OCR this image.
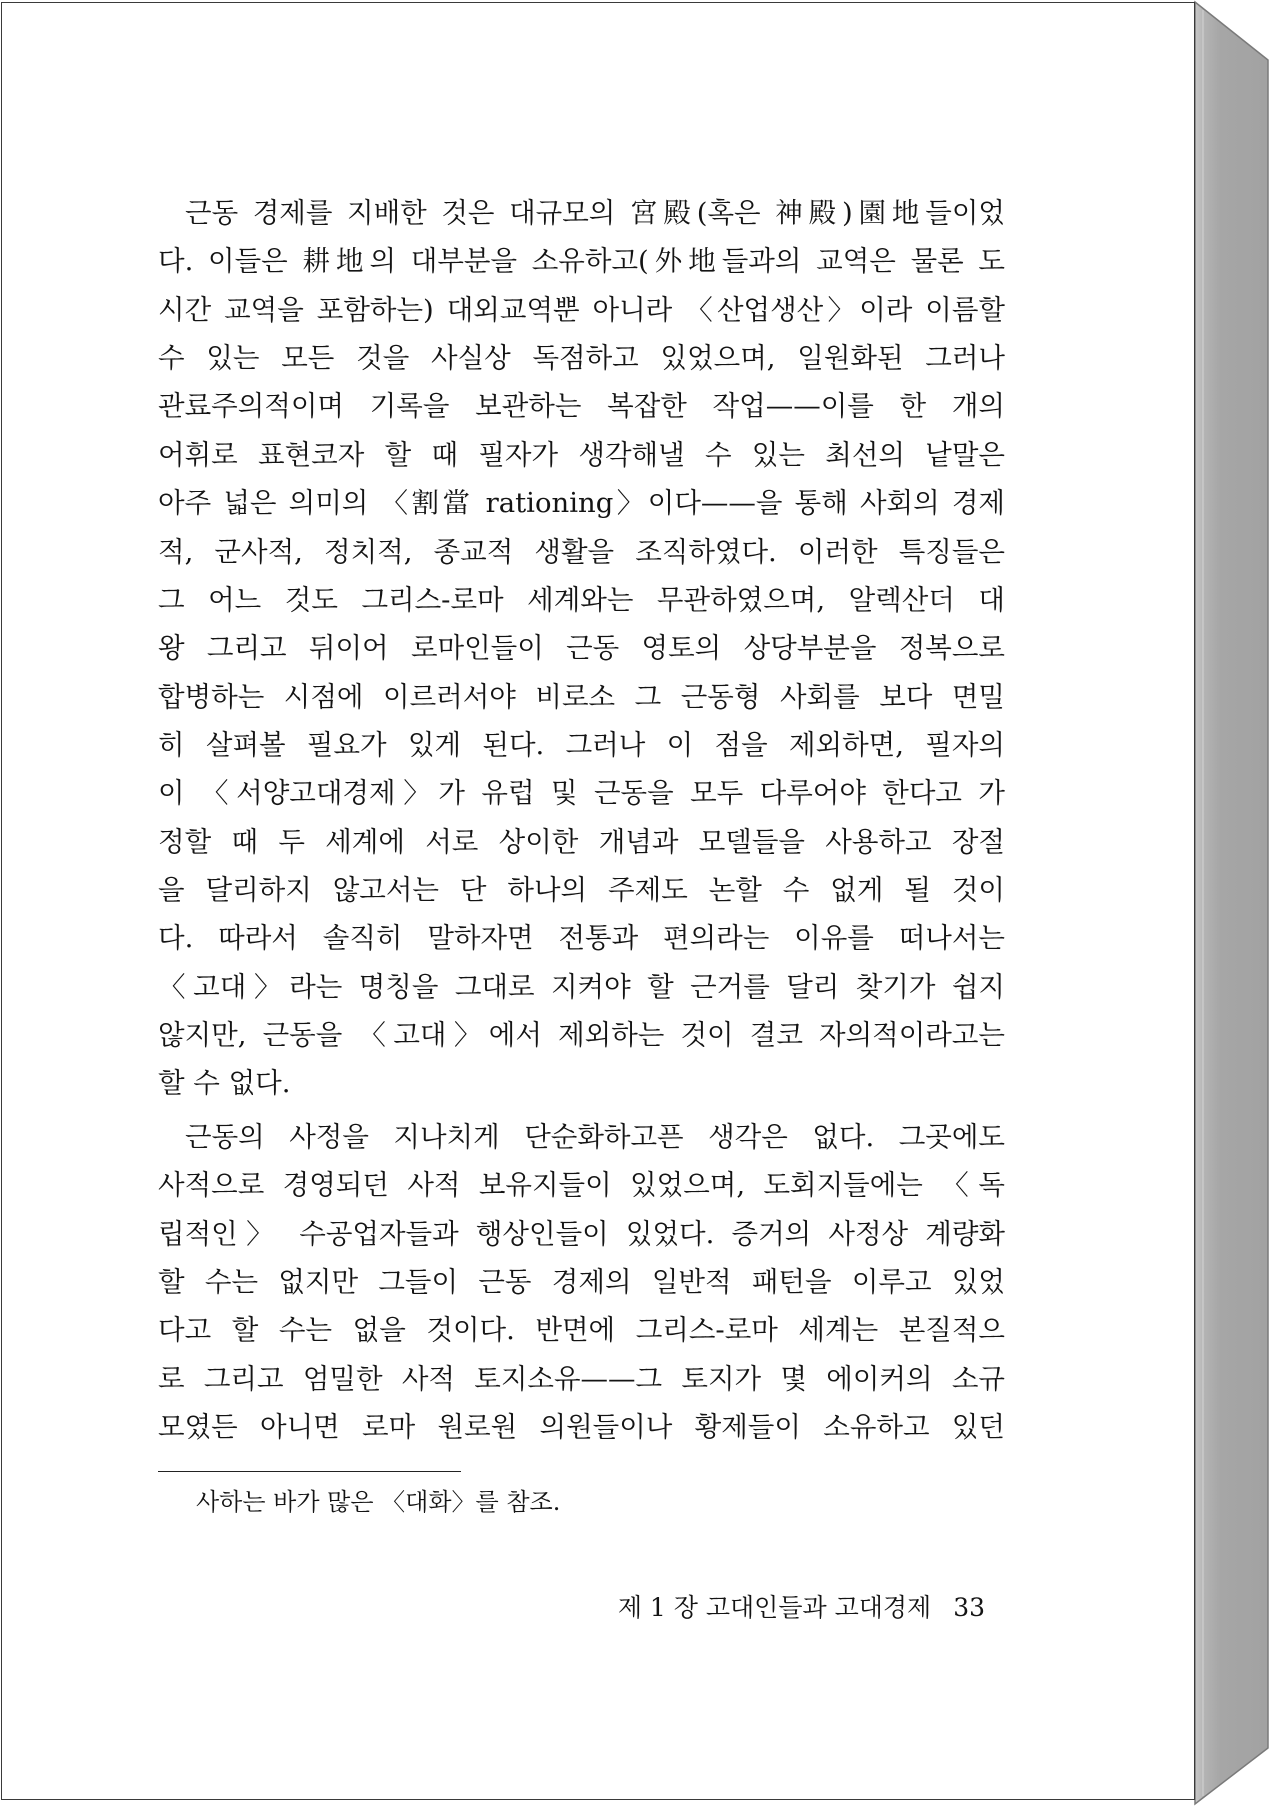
근동 경제를 지배한 것은 대규모의 宮殿(혹은 神殿)園地들이었
다. 이들은 耕地의 대부분을 소유하고(外地들과의 교역은 물론 도
시간 교역을 포함하는) 대외교역뿐 아니라 〈산업생산〉이라 이름할
수 있는 모든 것을 사실상 독점하고 있었으며, 일원화된 그러나
관료주의적이며 기록을 보관하는 복잡한 작업——이를 한 개의
어휘로 표현코자 할 때 필자가 생각해낼 수 있는 최선의 낱말은
아주 넓은 의미의 〈割當 rationing〉이다——을 통해 사회의 경제
적, 군사적, 정치적, 종교적 생활을 조직하였다. 이러한 특징들은
그 어느 것도 그리스-로마 세계와는 무관하였으며, 알렉산더 대
왕 그리고 뒤이어 로마인들이 근동 영토의 상당부분을 정복으로
합병하는 시점에 이르러서야 비로소 그 근동형 사회를 보다 면밀
히 살펴볼 필요가 있게 된다. 그러나 이 점을 제외하면, 필자의
이 〈서양고대경제〉가 유럽 및 근동을 모두 다루어야 한다고 가
정할 때 두 세계에 서로 상이한 개념과 모델들을 사용하고 장절
을 달리하지 않고서는 단 하나의 주제도 논할 수 없게 될 것이
다. 따라서 솔직히 말하자면 전통과 편의라는 이유를 떠나서는
〈고대〉라는 명칭을 그대로 지켜야 할 근거를 달리 찾기가 쉽지
않지만, 근동을 〈고대〉에서 제외하는 것이 결코 자의적이라고는
할 수 없다.
근동의 사정을 지나치게 단순화하고픈 생각은 없다. 그곳에도
사적으로 경영되던 사적 보유지들이 있었으며, 도회지들에는 〈독
립적인〉 수공업자들과 행상인들이 있었다. 증거의 사정상 계량화
할 수는 없지만 그들이 근동 경제의 일반적 패턴을 이루고 있었
다고 할 수는 없을 것이다. 반면에 그리스-로마 세계는 본질적으
로 그리고 엄밀한 사적 토지소유——그 토지가 몇 에이커의 소규
모였든 아니면 로마 원로원 의원들이나 황제들이 소유하고 있던
사하는 바가 많은 〈대화〉를 참조.
제 1 장 고대인들과 고대경제 33
